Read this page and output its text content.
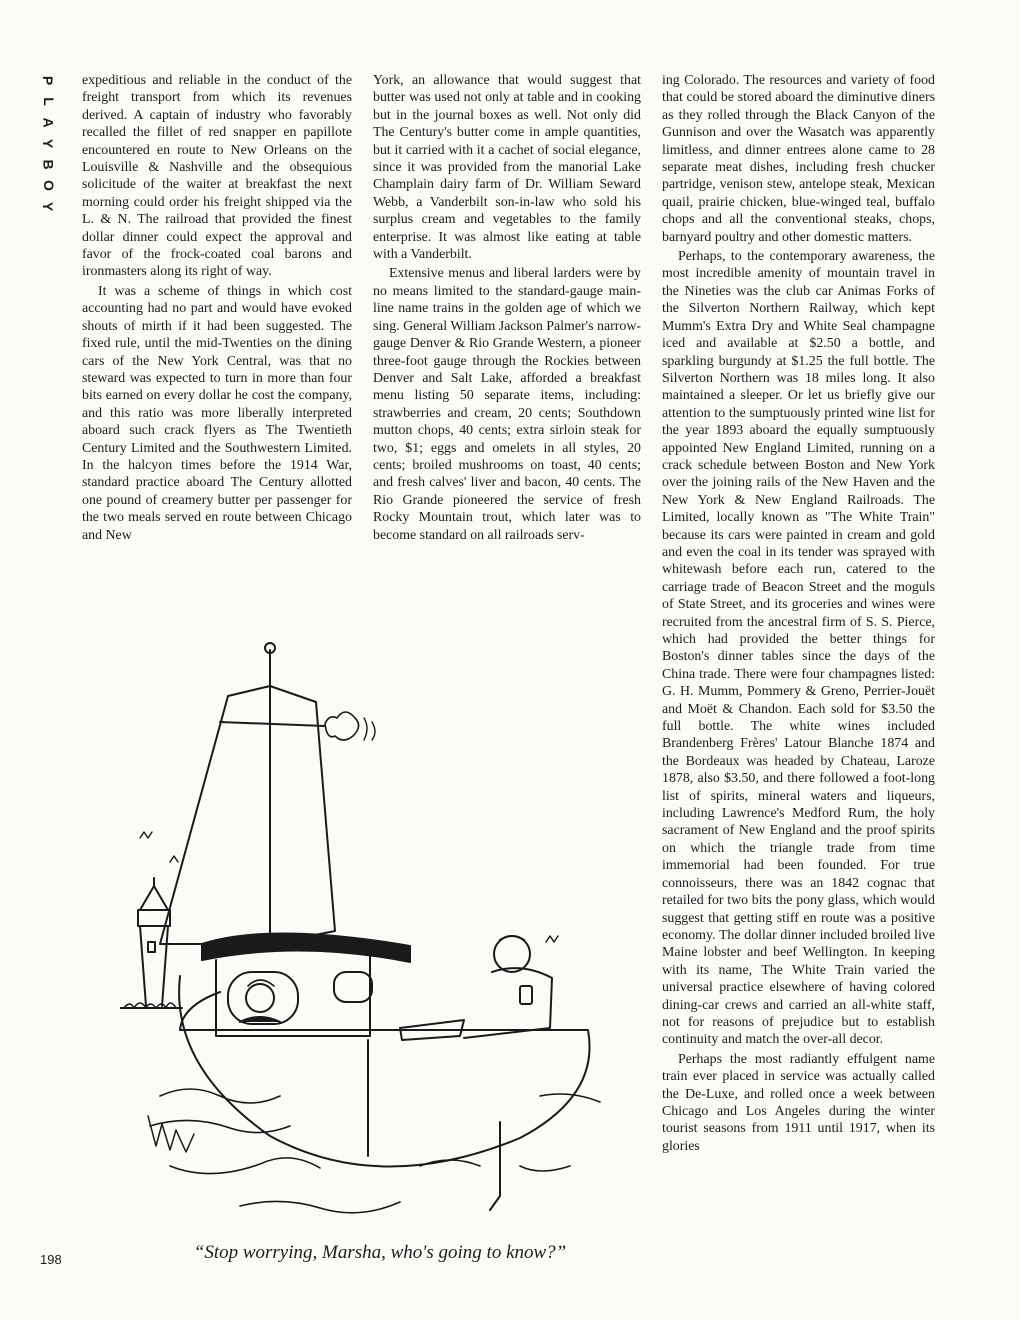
P
L
A
Y
B
O
Y

expeditious and reliable in the conduct of the freight transport from which its revenues derived. A captain of industry who favorably recalled the fillet of red snapper en papillote encountered en route to New Orleans on the Louisville & Nashville and the obsequious solicitude of the waiter at breakfast the next morning could order his freight shipped via the L. & N. The railroad that provided the finest dollar dinner could expect the approval and favor of the frock-coated coal barons and ironmasters along its right of way.

It was a scheme of things in which cost accounting had no part and would have evoked shouts of mirth if it had been suggested. The fixed rule, until the mid-Twenties on the dining cars of the New York Central, was that no steward was expected to turn in more than four bits earned on every dollar he cost the company, and this ratio was more liberally interpreted aboard such crack flyers as The Twentieth Century Limited and the Southwestern Limited. In the halcyon times before the 1914 War, standard practice aboard The Century allotted one pound of creamery butter per passenger for the two meals served en route between Chicago and New

York, an allowance that would suggest that butter was used not only at table and in cooking but in the journal boxes as well. Not only did The Century's butter come in ample quantities, but it carried with it a cachet of social elegance, since it was provided from the manorial Lake Champlain dairy farm of Dr. William Seward Webb, a Vanderbilt son-in-law who sold his surplus cream and vegetables to the family enterprise. It was almost like eating at table with a Vanderbilt.

Extensive menus and liberal larders were by no means limited to the standard-gauge main-line name trains in the golden age of which we sing. General William Jackson Palmer's narrow-gauge Denver & Rio Grande Western, a pioneer three-foot gauge through the Rockies between Denver and Salt Lake, afforded a breakfast menu listing 50 separate items, including: strawberries and cream, 20 cents; Southdown mutton chops, 40 cents; extra sirloin steak for two, $1; eggs and omelets in all styles, 20 cents; broiled mushrooms on toast, 40 cents; and fresh calves' liver and bacon, 40 cents. The Rio Grande pioneered the service of fresh Rocky Mountain trout, which later was to become standard on all railroads serv-

ing Colorado. The resources and variety of food that could be stored aboard the diminutive diners as they rolled through the Black Canyon of the Gunnison and over the Wasatch was apparently limitless, and dinner entrees alone came to 28 separate meat dishes, including fresh chucker partridge, venison stew, antelope steak, Mexican quail, prairie chicken, blue-winged teal, buffalo chops and all the conventional steaks, chops, barnyard poultry and other domestic matters.

Perhaps, to the contemporary awareness, the most incredible amenity of mountain travel in the Nineties was the club car Animas Forks of the Silverton Northern Railway, which kept Mumm's Extra Dry and White Seal champagne iced and available at $2.50 a bottle, and sparkling burgundy at $1.25 the full bottle. The Silverton Northern was 18 miles long. It also maintained a sleeper. Or let us briefly give our attention to the sumptuously printed wine list for the year 1893 aboard the equally sumptuously appointed New England Limited, running on a crack schedule between Boston and New York over the joining rails of the New Haven and the New York & New England Railroads. The Limited, locally known as "The White Train" because its cars were painted in cream and gold and even the coal in its tender was sprayed with whitewash before each run, catered to the carriage trade of Beacon Street and the moguls of State Street, and its groceries and wines were recruited from the ancestral firm of S. S. Pierce, which had provided the better things for Boston's dinner tables since the days of the China trade. There were four champagnes listed: G. H. Mumm, Pommery & Greno, Perrier-Jouët and Moët & Chandon. Each sold for $3.50 the full bottle. The white wines included Brandenberg Frères' Latour Blanche 1874 and the Bordeaux was headed by Chateau, Laroze 1878, also $3.50, and there followed a foot-long list of spirits, mineral waters and liqueurs, including Lawrence's Medford Rum, the holy sacrament of New England and the proof spirits on which the triangle trade from time immemorial had been founded. For true connoisseurs, there was an 1842 cognac that retailed for two bits the pony glass, which would suggest that getting stiff en route was a positive economy. The dollar dinner included broiled live Maine lobster and beef Wellington. In keeping with its name, The White Train varied the universal practice elsewhere of having colored dining-car crews and carried an all-white staff, not for reasons of prejudice but to establish continuity and match the over-all decor.

Perhaps the most radiantly effulgent name train ever placed in service was actually called the De-Luxe, and rolled once a week between Chicago and Los Angeles during the winter tourist seasons from 1911 until 1917, when its glories

“Stop worrying, Marsha, who's going to know?”
198
